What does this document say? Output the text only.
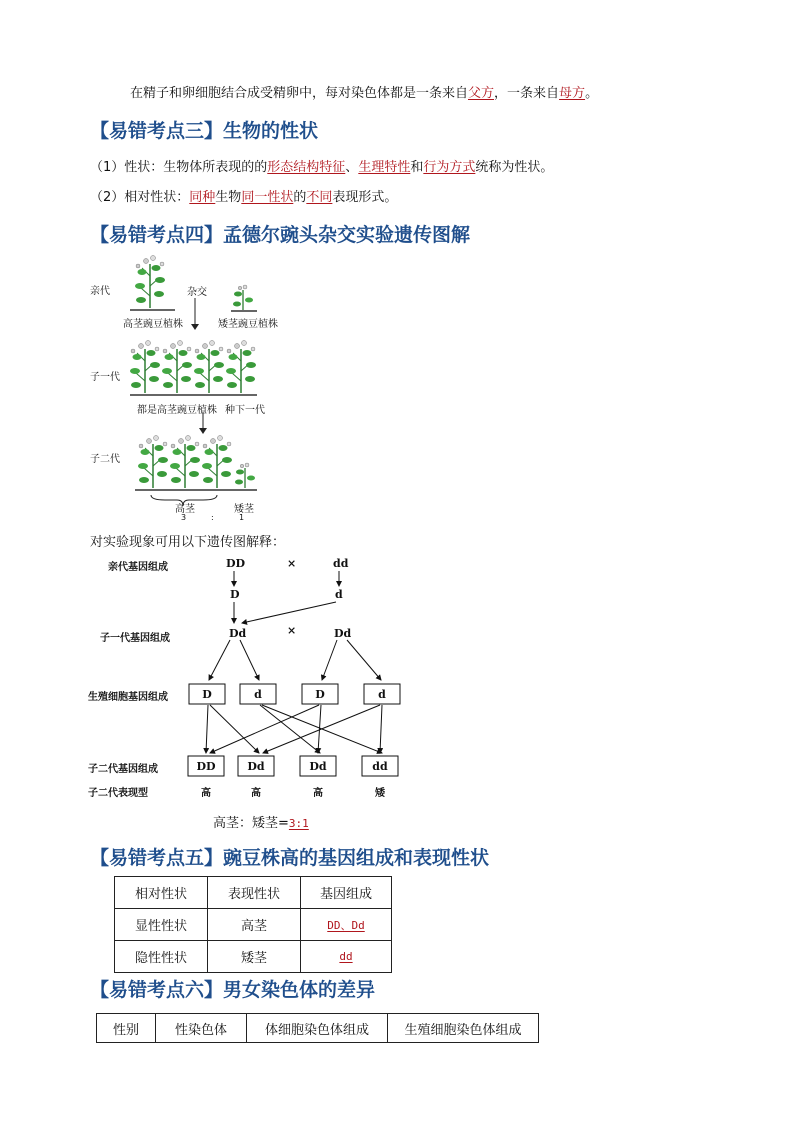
在精子和卵细胞结合成受精卵中，每对染色体都是一条来自父方，一条来自母方。
【易错考点三】生物的性状
（1）性状：生物体所表现的的形态结构特征、生理特性和行为方式统称为性状。
（2）相对性状：同种生物同一性状的不同表现形式。
【易错考点四】孟德尔豌头杂交实验遗传图解
亲代	杂交
高茎豌豆植株	矮茎豌豆植株
子一代
都是高茎豌豆植株 种下一代
子二代
高茎	矮茎
3	:	1
对实验现象可用以下遗传图解释：
亲代基因组成	DD	×	dd
D	d
子一代基因组成	Dd	×	Dd
生殖细胞基因组成	D	d	D	d
子二代基因组成	DD	Dd	Dd	dd
子二代表现型	高	高	高	矮
高茎：矮茎=3:1
【易错考点五】豌豆株高的基因组成和表现性状
相对性状	表现性状	基因组成
显性性状	高茎	DD、Dd
隐性性状	矮茎	dd
【易错考点六】男女染色体的差异
性别	性染色体	体细胞染色体组成	生殖细胞染色体组成
